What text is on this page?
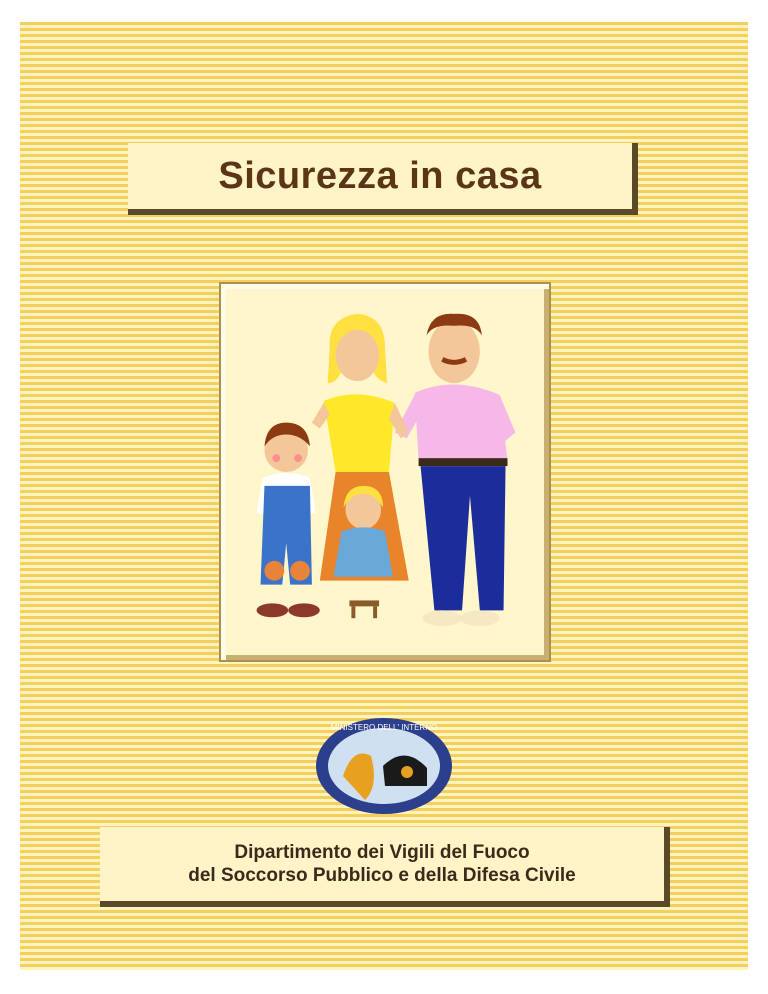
Sicurezza in casa
MINISTERO DELL' INTERNO
Dipartimento dei Vigili del Fuoco
del Soccorso Pubblico e della Difesa Civile
